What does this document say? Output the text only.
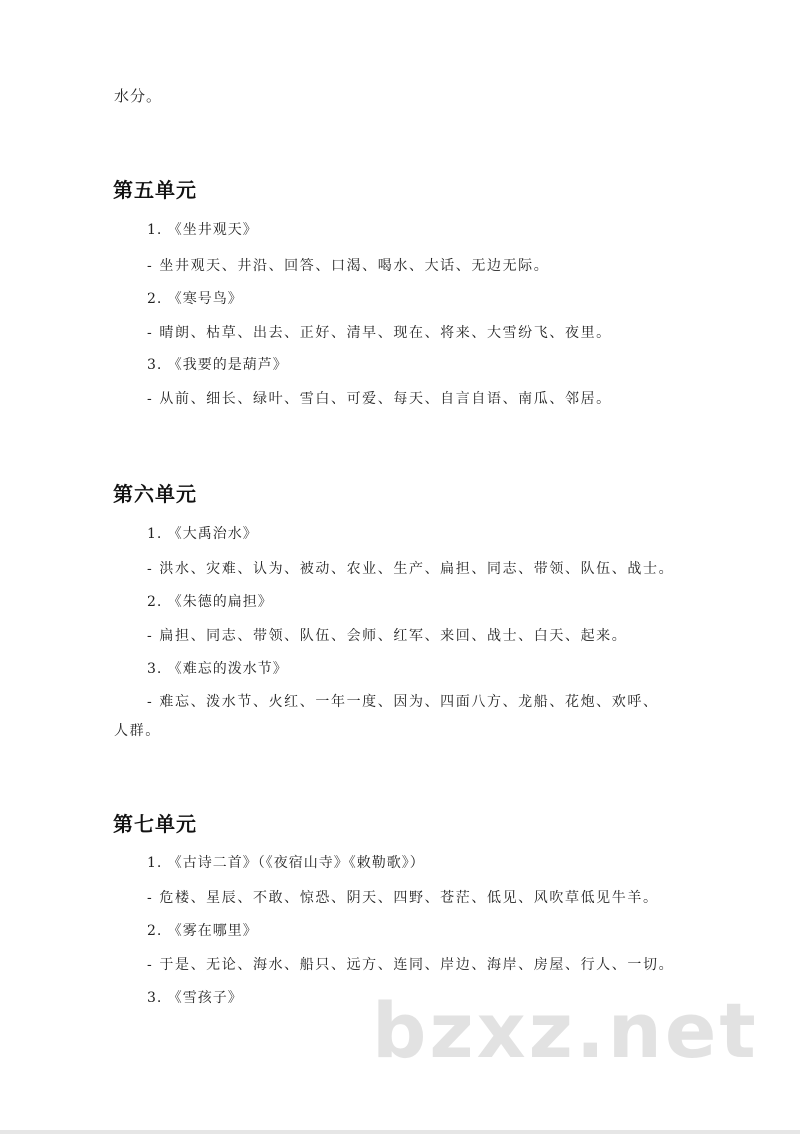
水分。
第五单元
1. 《坐井观天》
- 坐井观天、井沿、回答、口渴、喝水、大话、无边无际。
2. 《寒号鸟》
- 晴朗、枯草、出去、正好、清早、现在、将来、大雪纷飞、夜里。
3. 《我要的是葫芦》
- 从前、细长、绿叶、雪白、可爱、每天、自言自语、南瓜、邻居。
第六单元
1. 《大禹治水》
- 洪水、灾难、认为、被动、农业、生产、扁担、同志、带领、队伍、战士。
2. 《朱德的扁担》
- 扁担、同志、带领、队伍、会师、红军、来回、战士、白天、起来。
3. 《难忘的泼水节》
- 难忘、泼水节、火红、一年一度、因为、四面八方、龙船、花炮、欢呼、人群。
第七单元
1. 《古诗二首》（《夜宿山寺》《敕勒歌》）
- 危楼、星辰、不敢、惊恐、阴天、四野、苍茫、低见、风吹草低见牛羊。
2. 《雾在哪里》
- 于是、无论、海水、船只、远方、连同、岸边、海岸、房屋、行人、一切。
3. 《雪孩子》 bzxz.net
